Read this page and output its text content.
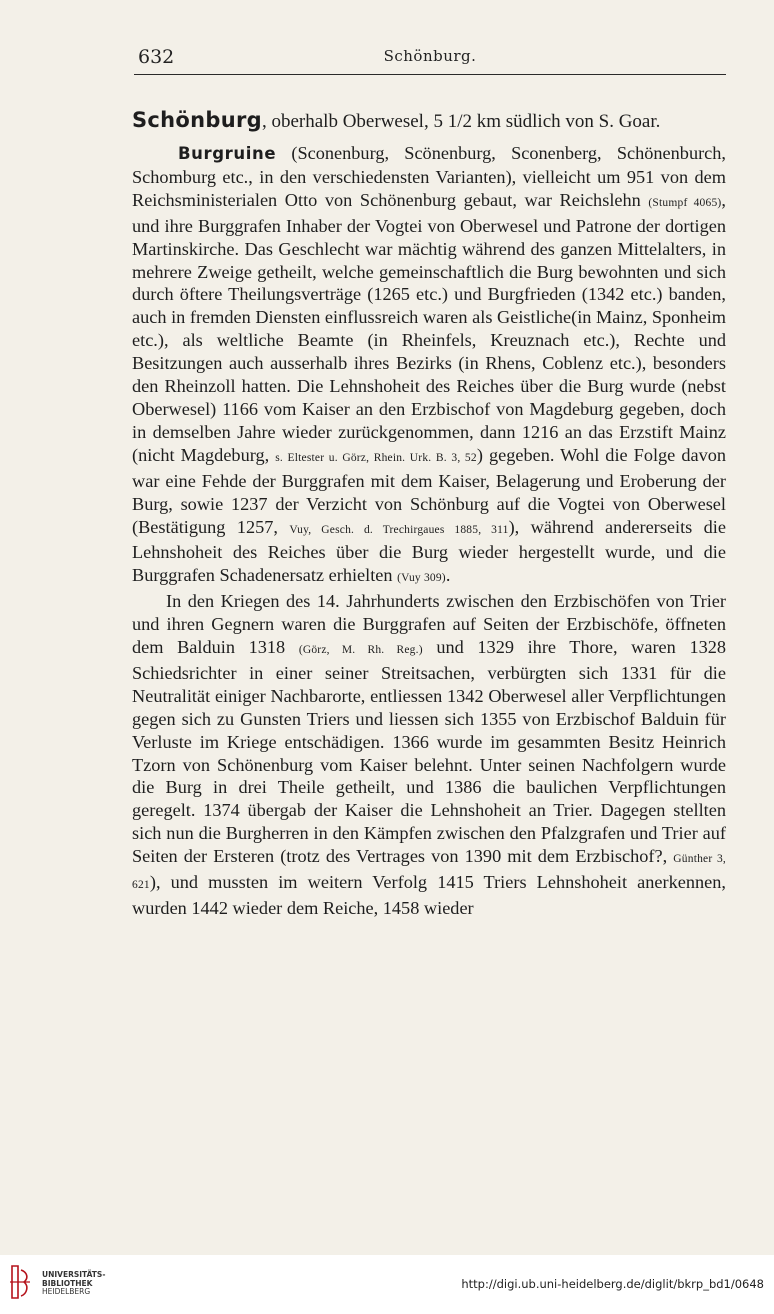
632	Schönburg.

Schönburg, oberhalb Oberwesel, 5 1/2 km südlich von S. Goar.

Burgruine (Sconenburg, Scönenburg, Sconenberg, Schönenburch, Schomburg etc., in den verschiedensten Varianten), vielleicht um 951 von dem Reichsministerialen Otto von Schönenburg gebaut, war Reichslehn (Stumpf 4065), und ihre Burggrafen Inhaber der Vogtei von Oberwesel und Patrone der dortigen Martinskirche. Das Geschlecht war mächtig während des ganzen Mittelalters, in mehrere Zweige getheilt, welche gemeinschaftlich die Burg bewohnten und sich durch öftere Theilungsverträge (1265 etc.) und Burgfrieden (1342 etc.) banden, auch in fremden Diensten einflussreich waren als Geistliche(in Mainz, Sponheim etc.), als weltliche Beamte (in Rheinfels, Kreuznach etc.), Rechte und Besitzungen auch ausserhalb ihres Bezirks (in Rhens, Coblenz etc.), besonders den Rheinzoll hatten. Die Lehnshoheit des Reiches über die Burg wurde (nebst Oberwesel) 1166 vom Kaiser an den Erzbischof von Magdeburg gegeben, doch in demselben Jahre wieder zurückgenommen, dann 1216 an das Erzstift Mainz (nicht Magdeburg, s. Eltester u. Görz, Rhein. Urk. B. 3, 52) gegeben. Wohl die Folge davon war eine Fehde der Burggrafen mit dem Kaiser, Belagerung und Eroberung der Burg, sowie 1237 der Verzicht von Schönburg auf die Vogtei von Oberwesel (Bestätigung 1257, Vuy, Gesch. d. Trechirgaues 1885, 311), während andererseits die Lehnshoheit des Reiches über die Burg wieder hergestellt wurde, und die Burggrafen Schadenersatz erhielten (Vuy 309).

In den Kriegen des 14. Jahrhunderts zwischen den Erzbischöfen von Trier und ihren Gegnern waren die Burggrafen auf Seiten der Erzbischöfe, öffneten dem Balduin 1318 (Görz, M. Rh. Reg.) und 1329 ihre Thore, waren 1328 Schiedsrichter in einer seiner Streitsachen, verbürgten sich 1331 für die Neutralität einiger Nachbarorte, entliessen 1342 Oberwesel aller Verpflichtungen gegen sich zu Gunsten Triers und liessen sich 1355 von Erzbischof Balduin für Verluste im Kriege entschädigen. 1366 wurde im gesammten Besitz Heinrich Tzorn von Schönenburg vom Kaiser belehnt. Unter seinen Nachfolgern wurde die Burg in drei Theile getheilt, und 1386 die baulichen Verpflichtungen geregelt. 1374 übergab der Kaiser die Lehnshoheit an Trier. Dagegen stellten sich nun die Burgherren in den Kämpfen zwischen den Pfalzgrafen und Trier auf Seiten der Ersteren (trotz des Vertrages von 1390 mit dem Erzbischof?, Günther 3, 621), und mussten im weitern Verfolg 1415 Triers Lehnshoheit anerkennen, wurden 1442 wieder dem Reiche, 1458 wieder

UNIVERSITÄTS-
BIBLIOTHEK
HEIDELBERG
http://digi.ub.uni-heidelberg.de/diglit/bkrp_bd1/0648
